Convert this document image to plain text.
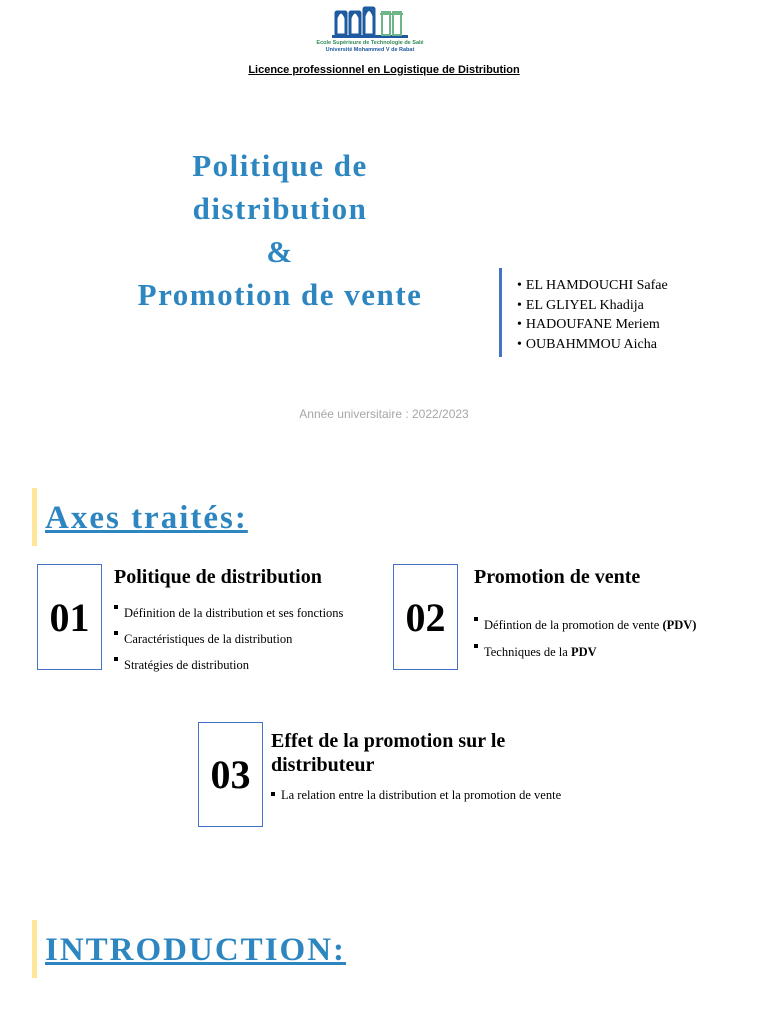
Ecole Supérieure de Technologie de Salé
Université Mohammed V de Rabat
Licence professionnel en Logistique de Distribution
Politique de
distribution
&
Promotion de vente
•	EL HAMDOUCHI Safae
• EL GLIYEL Khadija
• HADOUFANE Meriem
• OUBAHMMOU Aicha
Année universitaire : 2022/2023
Axes traités:
01
Politique de distribution
Définition de la distribution et ses fonctions
Caractéristiques de la distribution
Stratégies de distribution
02
Promotion de vente
Défintion de la promotion de vente (PDV)
Techniques de la PDV
03
Effet de la promotion sur le
distributeur
La relation entre la distribution et la promotion de vente
INTRODUCTION:
